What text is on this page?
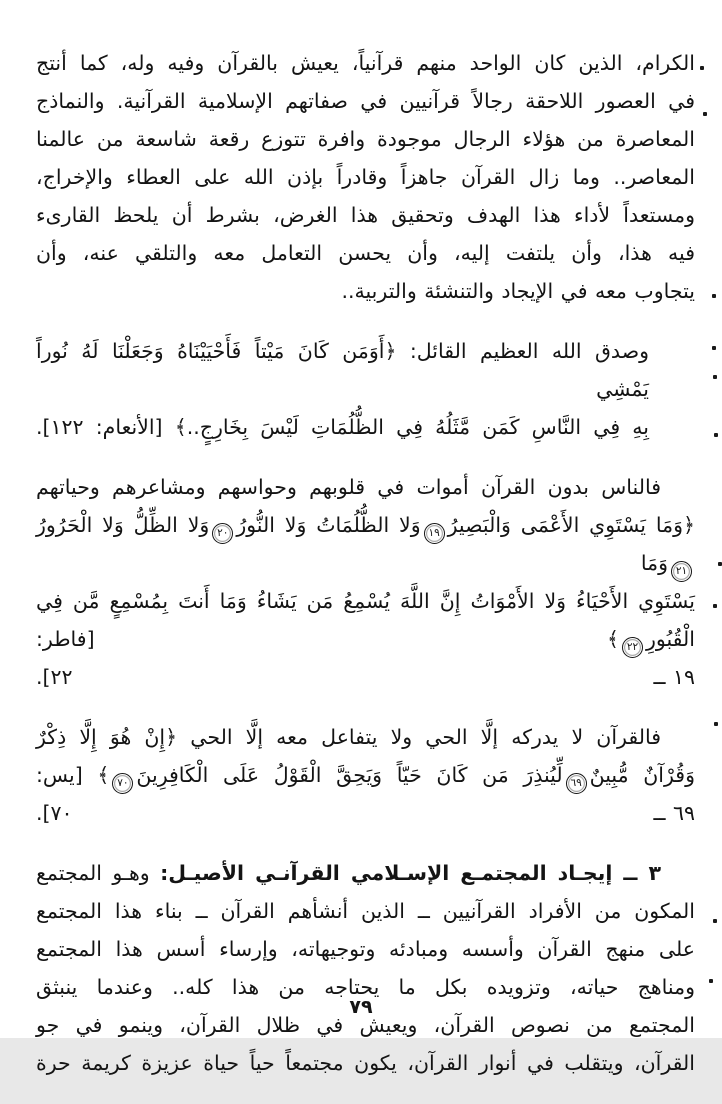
الكرام، الذين كان الواحد منهم قرآنياً، يعيش بالقرآن وفيه وله، كما أنتج
في العصور اللاحقة رجالاً قرآنيين في صفاتهم الإسلامية القرآنية. والنماذج
المعاصرة من هؤلاء الرجال موجودة وافرة تتوزع رقعة شاسعة من عالمنا
المعاصر.. وما زال القرآن جاهزاً وقادراً بإذن الله على العطاء والإخراج،
ومستعداً لأداء هذا الهدف وتحقيق هذا الغرض، بشرط أن يلحظ القارىء
فيه هذا، وأن يلتفت إليه، وأن يحسن التعامل معه والتلقي عنه، وأن
يتجاوب معه في الإيجاد والتنشئة والتربية..
وصدق الله العظيم القائل: ﴿أَوَمَن كَانَ مَيْتاً فَأَحْيَيْنَاهُ وَجَعَلْنَا لَهُ نُوراً يَمْشِي
بِهِ فِي النَّاسِ كَمَن مَّثَلُهُ فِي الظُّلُمَاتِ لَيْسَ بِخَارِجٍ..﴾ [الأنعام: ١٢٢].
فالناس بدون القرآن أموات في قلوبهم وحواسهم ومشاعرهم وحياتهم
﴿وَمَا يَسْتَوِي الأَعْمَى وَالْبَصِيرُ١٩وَلا الظُّلُمَاتُ وَلا النُّورُ٢٠وَلا الظِّلُّ وَلا الْحَرُورُ٢١وَمَا
يَسْتَوِي الأَحْيَاءُ وَلا الأَمْوَاتُ إِنَّ اللَّهَ يُسْمِعُ مَن يَشَاءُ وَمَا أَنتَ بِمُسْمِعٍ مَّن فِي الْقُبُورِ٢٢﴾ [فاطر:
١٩ ــ
٢٢].
فالقرآن لا يدركه إلَّا الحي ولا يتفاعل معه إلَّا الحي ﴿إِنْ هُوَ إِلَّا ذِكْرٌ
وَقُرْآنٌ مُّبِينٌ٦٩لِّيُنذِرَ مَن كَانَ حَيّاً وَيَحِقَّ الْقَوْلُ عَلَى الْكَافِرِينَ٧٠﴾ [يس:
٦٩ ــ
٧٠].
٣ ــ إيجـاد المجتمـع الإسـلامي القرآنـي الأصيـل: وهـو المجتمع
المكون من الأفراد القرآنيين ــ الذين أنشأهم القرآن ــ بناء هذا المجتمع
على منهج القرآن وأسسه ومبادئه وتوجيهاته، وإرساء أسس هذا المجتمع
ومناهج حياته، وتزويده بكل ما يحتاجه من هذا كله.. وعندما ينبثق
المجتمع من نصوص القرآن، ويعيش في ظلال القرآن، وينمو في جو
القرآن، ويتقلب في أنوار القرآن، يكون مجتمعاً حياً حياة عزيزة كريمة حرة
٧٩
